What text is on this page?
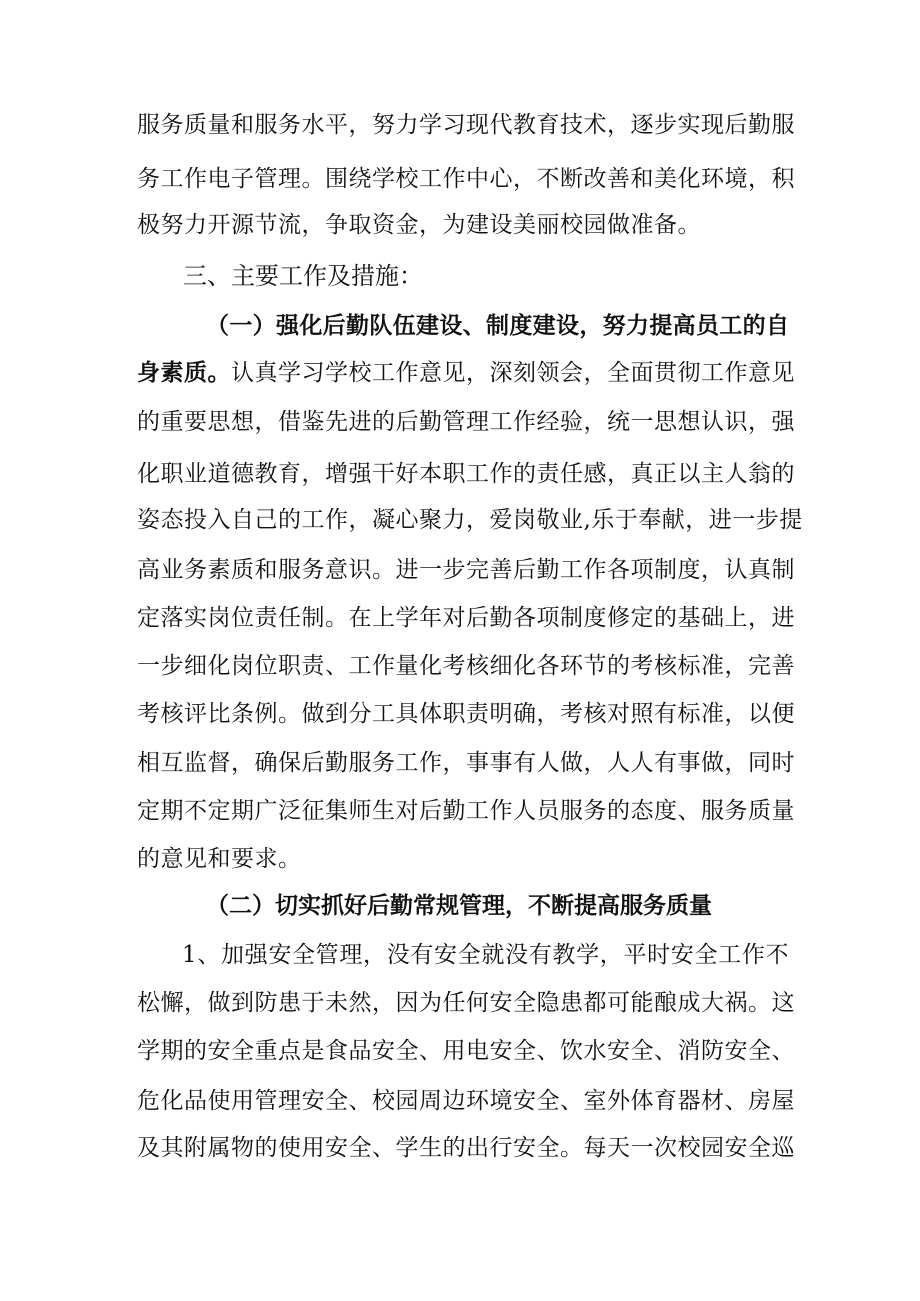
服务质量和服务水平，努力学习现代教育技术，逐步实现后勤服
务工作电子管理。围绕学校工作中心，不断改善和美化环境，积
极努力开源节流，争取资金，为建设美丽校园做准备。
三、主要工作及措施：
（一）强化后勤队伍建设、制度建设，努力提高员工的自
身素质。认真学习学校工作意见，深刻领会，全面贯彻工作意见
的重要思想，借鉴先进的后勤管理工作经验，统一思想认识，强
化职业道德教育，增强干好本职工作的责任感，真正以主人翁的
姿态投入自己的工作，凝心聚力，爱岗敬业,乐于奉献，进一步提
高业务素质和服务意识。进一步完善后勤工作各项制度，认真制
定落实岗位责任制。在上学年对后勤各项制度修定的基础上，进
一步细化岗位职责、工作量化考核细化各环节的考核标准，完善
考核评比条例。做到分工具体职责明确，考核对照有标准，以便
相互监督，确保后勤服务工作，事事有人做，人人有事做，同时
定期不定期广泛征集师生对后勤工作人员服务的态度、服务质量
的意见和要求。
（二）切实抓好后勤常规管理，不断提高服务质量
1、加强安全管理，没有安全就没有教学，平时安全工作不
松懈，做到防患于未然，因为任何安全隐患都可能酿成大祸。这
学期的安全重点是食品安全、用电安全、饮水安全、消防安全、
危化品使用管理安全、校园周边环境安全、室外体育器材、房屋
及其附属物的使用安全、学生的出行安全。每天一次校园安全巡
